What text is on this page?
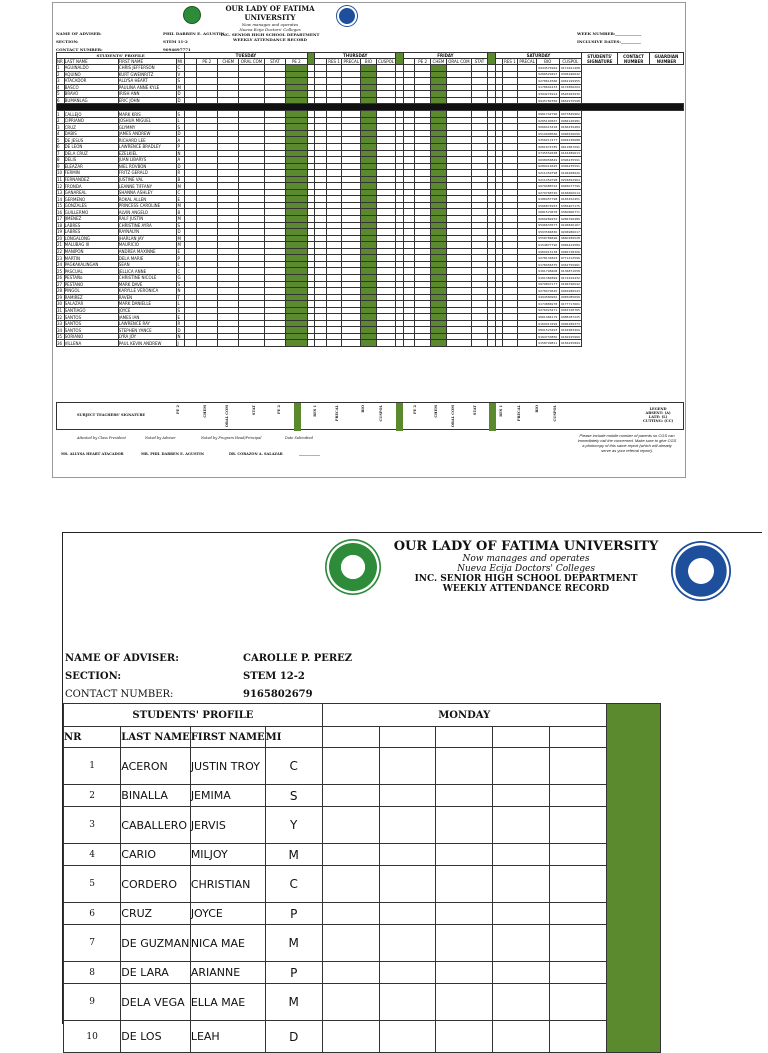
OUR LADY OF FATIMA UNIVERSITY
Now manages and operates
Nueva Ecija Doctors' Colleges
INC. SENIOR HIGH SCHOOL DEPARTMENT
WEEKLY ATTENDANCE RECORD
NAME OF ADVISER:	PHIL DARREN E. AGUSTIN
SECTION:	STEM 11-2
CONTACT NUMBER:	9094697771
WEEK NUMBER:_____________
INCLUSIVE DATES:__________
STUDENTS' PROFILE				TUESDAY							THURSDAY						FRIDAY						SATURDAY					STUDENTS' SIGNATURE	CONTACT NUMBER	GUARDIAN NUMBER
NR	LAST NAME	FIRST NAME	MI		PE 2	CHEM	ORAL COM	STAT	PE 2			RES 1	PRECAL	BIO	CUSPOL			PE 2	CHEM	ORAL COM	STAT			RES 1	PRECAL	BIO	CUSPOL			
1	AGUINALDO	CHRIS JEFFERSON	C																							9944574964	9171621408			
2	AQUINO	KURT GWEINRITZ	V																							9266529497	9306196642			
3	ATACADOR	ALLYSA HEART	S																							9278614566	9062199955			
4	BASCO	PAULINA ANNE KYLE	M																							9178691433	9174856204			
5	BRAVO	IRISH ANN	D																							9394274914	9526263930			
6	BUMANLAG	ERIC JOHN	D																							9945782356	9652975598			

1	CALLEJO	MARK KRIS	S																							9961742796	9077845962			
2	CIPRIANO	JOSHUA MIGUEL	L																							9265190567	9066126981			
3	CRUZ	GLYMMY	S																							9066415418	9166239484			
4	DABIS	JAMES ANDREW	D																							9519998566	9096526090			
5	DE JESUS	RICHARD LEE	A																							9356217477	9094236688			
6	DE LEON	LAWRENCE BRADLEY	P																							9061674785	9611867091			
7	DELA CRUZ	EZELKIEL	N																							9745552638	9163489613			
8	DELIS	JUAN LIBARYS	A																							9098956849	9396235591			
9	ELEAZAR	NIEL ROVBON	D																							9289414625	9396235591			
10	FERMIN	FRITZ GERALD	R																							9211459798	9196468620			
11	FERNANDEZ	JUSTINE VAL	B																							9211459798	9293842964			
12	FRONDA	LEANNE TIFFANY	M																							9979488722	9046077790			
13	GANAREAL	SHANNA ASHLEY	C																							9279768740	9166600014			
14	GERMENO	ROKAL ALLEN	E																							9186457798	9165452451			
15	GONZALES	PRINCESS CAROLINE	M																							9566874953	9356407175			
16	GUILLERMO	ALVIN ANGELO	B																							9681570678	9360666771			
17	JIMENEZ	RALF JUSTIN	M																							9069289252	9286796489			
18	LABRES	CHRISTINE AYRA	S																							9596633577	9196840167			
19	LABRES	RAYNALYN	D																							9593584830	9206986017			
20	LONGALONG	JHARLAN JAY	M																							9558786696	9660289528			
21	MALUBAG III	MAURICIO	M																							9154877790	9066424589			
22	MANIPON	ANDREA MAXINNE	E																							9969915138	9066748306			
23	MARTIN	DELA MARIE	P																							9278134823	9771212596			
24	PAGKAKALINGAN	SEAN	L																							9178456375	9342750961			
25	PASCUAL	JELLICA ANNE	C																							9161798408	9136871058			
26	PESTAÑo	CHRISTINE NICOLE	G																							9161382899	9172429432			
27	PESTANO	MARK DAVE	S																							9979847177	9166796042			
28	PINGOL	KARYLLE VERONICA	N																							9278079620	9046286543			
29	RAMIREZ	RAVEN	T																							9494580962	9065085699			
30	SALAZAR	MARK DANIELLE	L																							9174886978	9177717661			
31	SANTIAGO	JOYCE	S																							9276023471	9063728765			
32	SANTOS	JAMES IAN	E																							9661084179	9088187225			
33	SANTOS	LAWRENCE RAY	R																							9169013299	9096189373			
34	SANTOS	STEPHEN YANCE	D																							9891523493	9162983409			
35	SORIANO	LYRA JOY	N																							9164733850	9169225969			
36	VILLENA	PAUL KEVIN ANDREW	J																							9158799811	9156245894			
SUBJECT TEACHERS' SIGNATURE
PE 2	CHEM	ORAL COM	STAT	PE 2	RES 1	PRECAL	BIO	CUSPOL	PE 2	CHEM	ORAL COM	STAT	RES 1	PRECAL	BIO	CUSPOL	LEGEND
ABSENT: (A)
LATE: (L)
CUTTING: (CC)
Attested by Class President	Noted by Adviser	Noted by Program Head/Principal	Date Submitted
MS. ALLYSA HEART ATACADOR	MR. PHIL DARREN E. AGUSTIN	DR. CORAZON A. SALAZAR	____________
Please include mobile number of parents so CGS can immediately call the concerned. Make sure to give CGS a photocopy of this same report (which will already serve as your referral report).
OUR LADY OF FATIMA UNIVERSITY
Now manages and operates
Nueva Ecija Doctors' Colleges
INC. SENIOR HIGH SCHOOL DEPARTMENT
WEEKLY ATTENDANCE RECORD
NAME OF ADVISER:	CAROLLE P. PEREZ
SECTION:	STEM 12-2
CONTACT NUMBER:	9165802679
STUDENTS' PROFILE				MONDAY					
NR	LAST NAME	FIRST NAME	MI						
1	ACERON	JUSTIN TROY	C						
2	BINALLA	JEMIMA	S						
3	CABALLERO	JERVIS	Y						
4	CARIO	MILJOY	M						
5	CORDERO	CHRISTIAN	C						
6	CRUZ	JOYCE	P						
7	DE GUZMAN	NICA MAE	M						
8	DE LARA	ARIANNE	P						
9	DELA VEGA	ELLA MAE	M						
10	DE LOS	LEAH	D						
